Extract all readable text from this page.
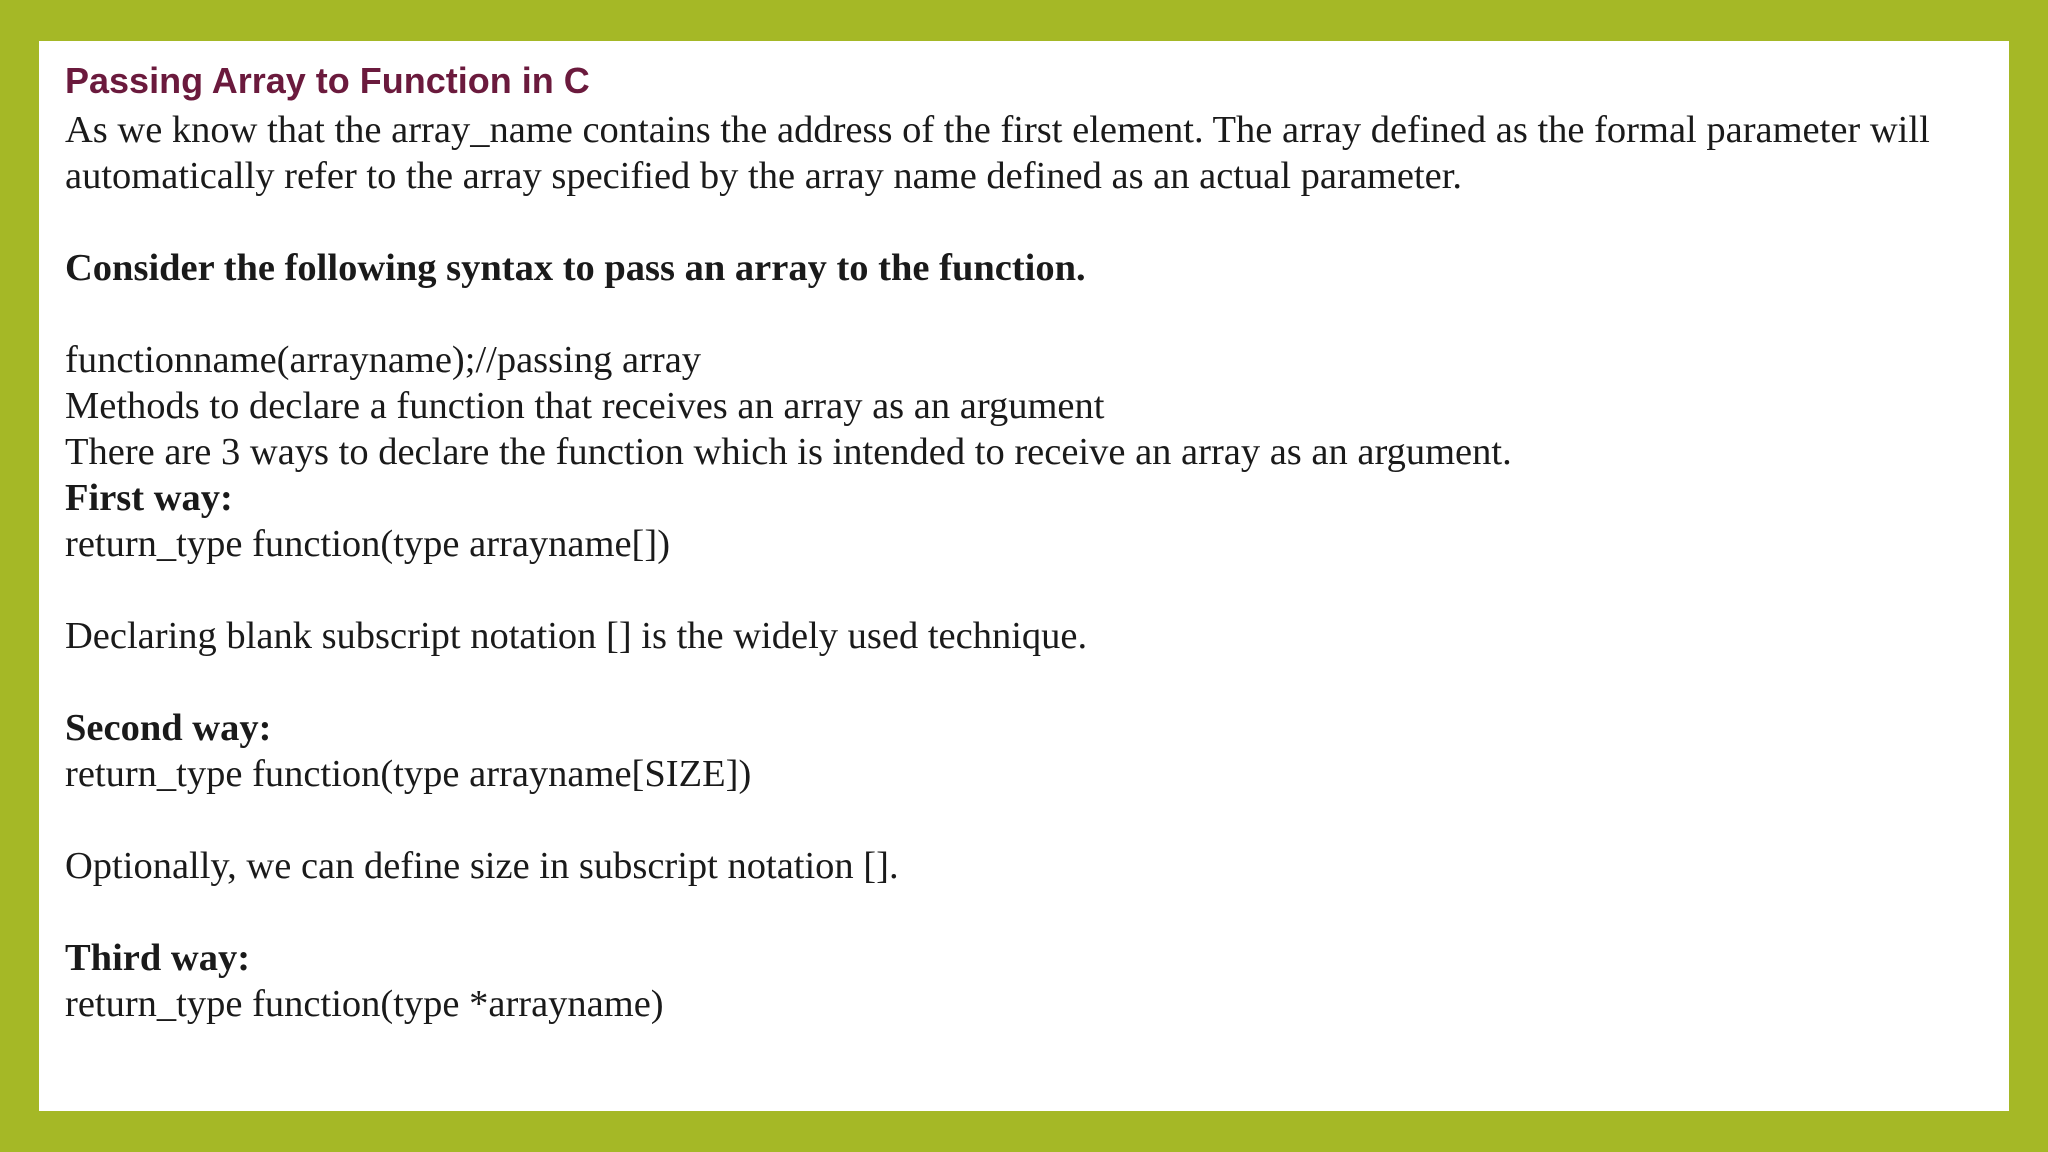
Passing Array to Function in C
As we know that the array_name contains the address of the first element. The array defined as the formal parameter will automatically refer to the array specified by the array name defined as an actual parameter.
Consider the following syntax to pass an array to the function.
functionname(arrayname);//passing array
Methods to declare a function that receives an array as an argument
There are 3 ways to declare the function which is intended to receive an array as an argument.
First way:
return_type function(type arrayname[])
Declaring blank subscript notation [] is the widely used technique.
Second way:
return_type function(type arrayname[SIZE])
Optionally, we can define size in subscript notation [].
Third way:
return_type function(type *arrayname)
